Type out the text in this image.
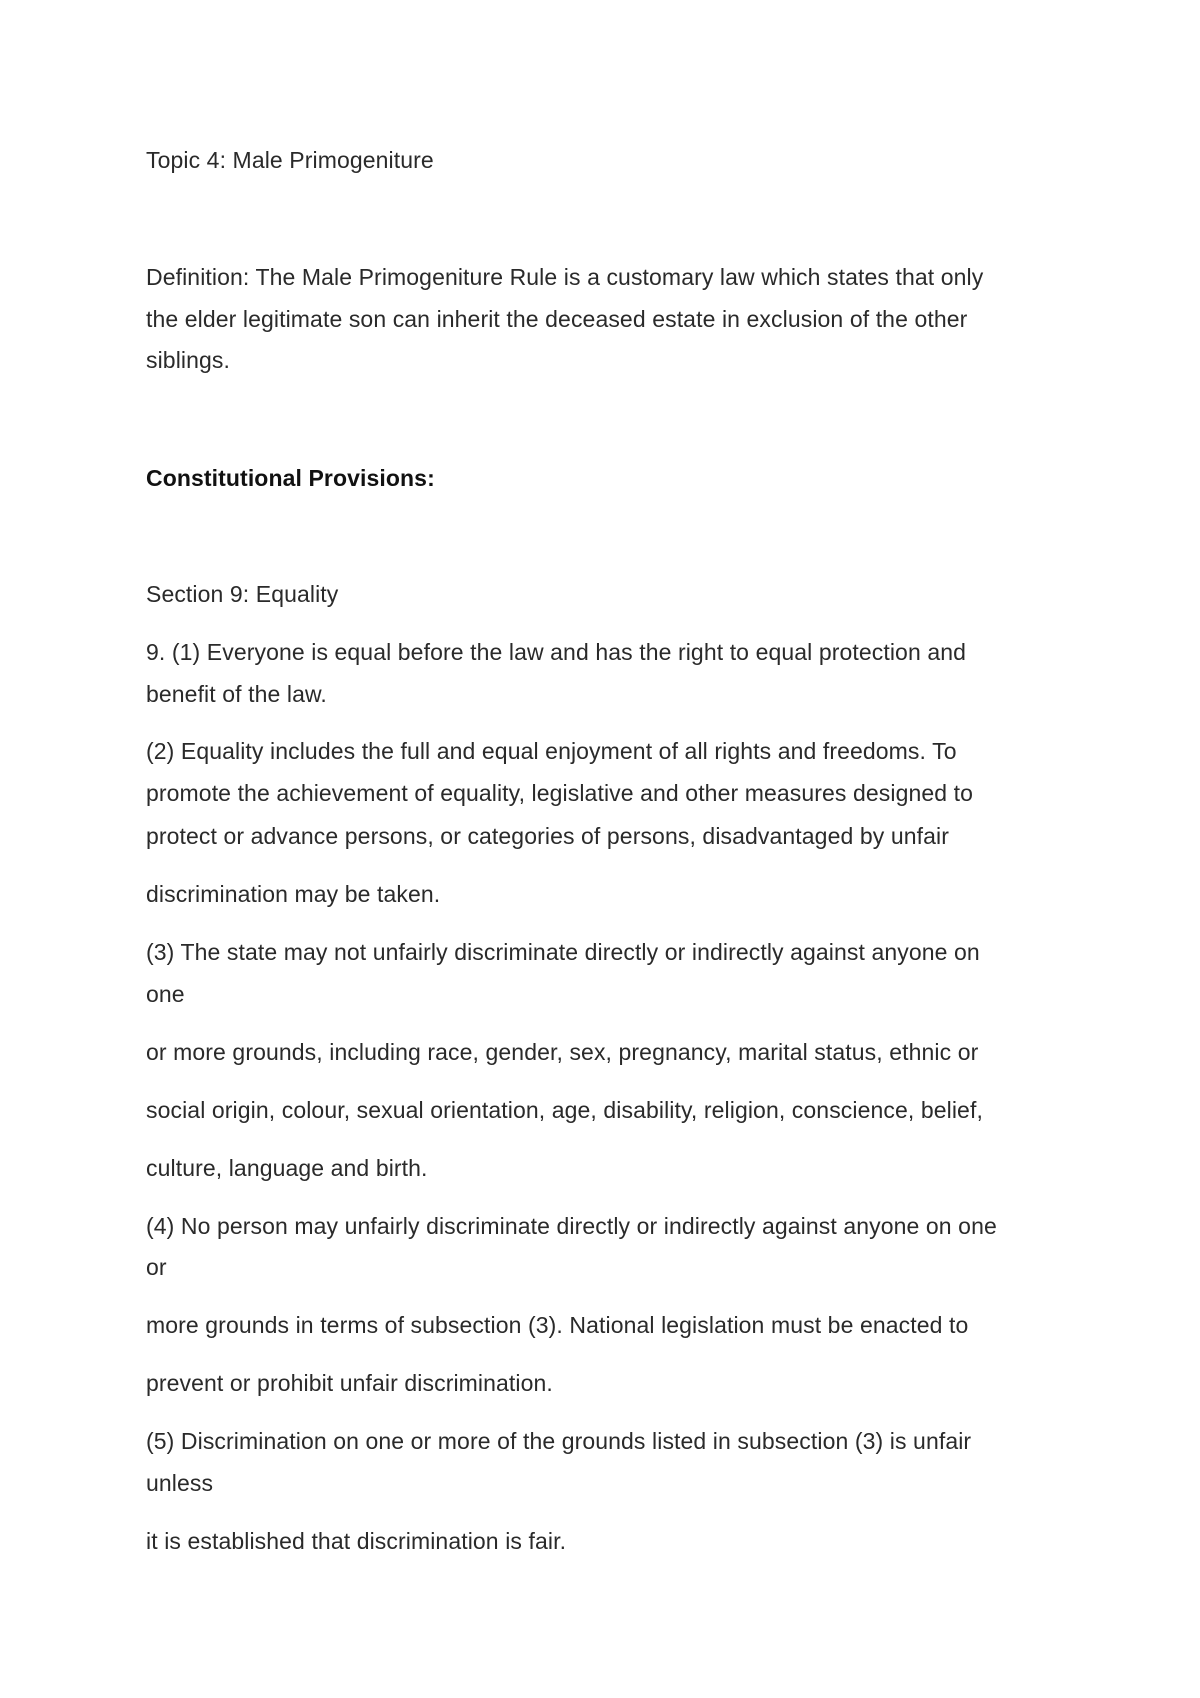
Topic 4: Male Primogeniture
Definition: The Male Primogeniture Rule is a customary law which states that only
the elder legitimate son can inherit the deceased estate in exclusion of the other
siblings.
Constitutional Provisions:
Section 9: Equality
9. (1) Everyone is equal before the law and has the right to equal protection and
benefit of the law.
(2) Equality includes the full and equal enjoyment of all rights and freedoms. To
promote the achievement of equality, legislative and other measures designed to
protect or advance persons, or categories of persons, disadvantaged by unfair
discrimination may be taken.
(3) The state may not unfairly discriminate directly or indirectly against anyone on
one
or more grounds, including race, gender, sex, pregnancy, marital status, ethnic or
social origin, colour, sexual orientation, age, disability, religion, conscience, belief,
culture, language and birth.
(4) No person may unfairly discriminate directly or indirectly against anyone on one
or
more grounds in terms of subsection (3). National legislation must be enacted to
prevent or prohibit unfair discrimination.
(5) Discrimination on one or more of the grounds listed in subsection (3) is unfair
unless
it is established that discrimination is fair.
